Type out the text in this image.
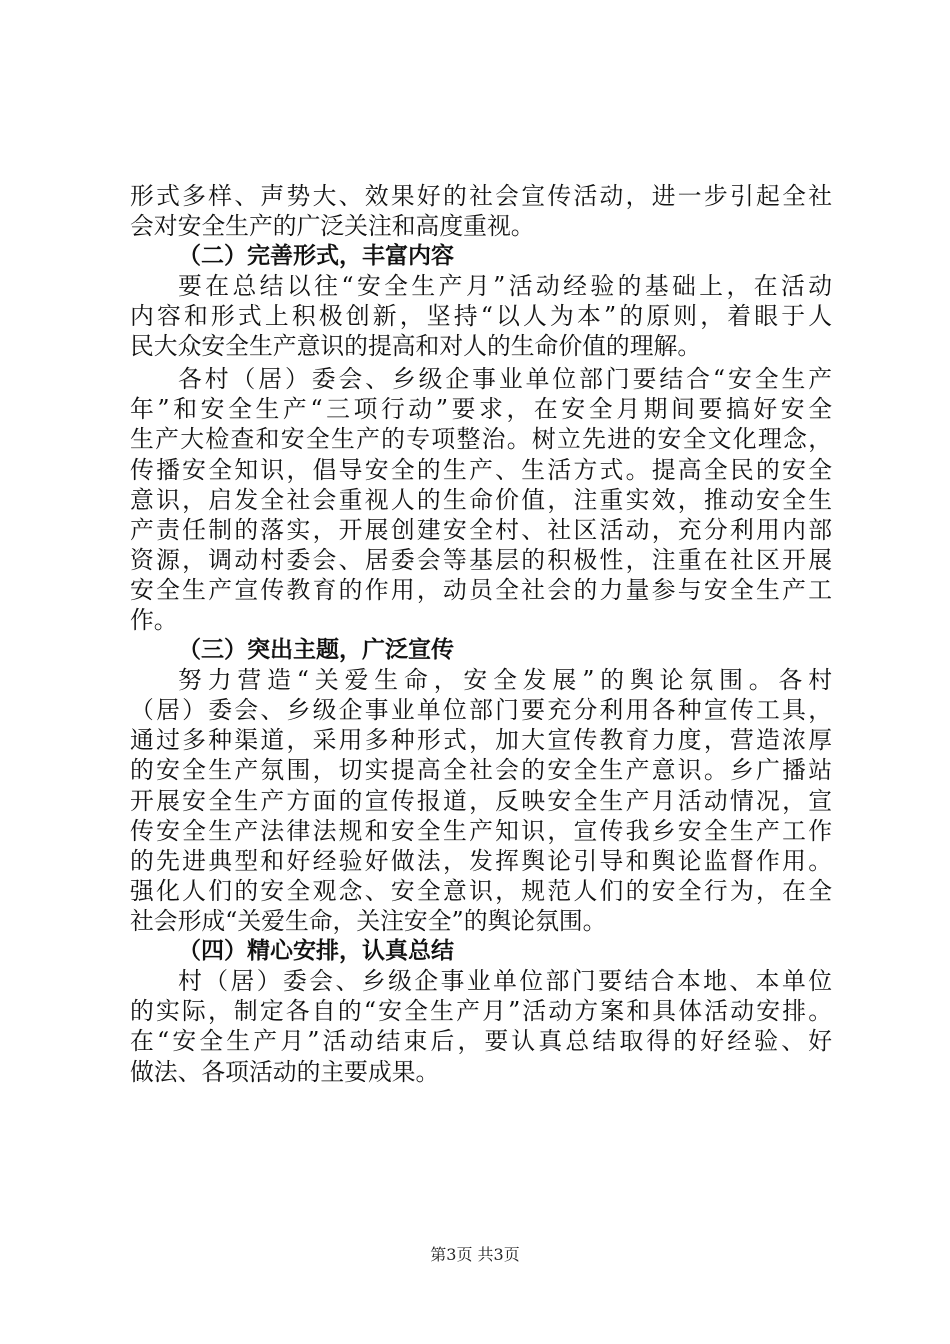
形式多样、声势大、效果好的社会宣传活动，进一步引起全社
会对安全生产的广泛关注和高度重视。
（二）完善形式，丰富内容
要在总结以往“安全生产月”活动经验的基础上，在活动
内容和形式上积极创新，坚持“以人为本”的原则，着眼于人
民大众安全生产意识的提高和对人的生命价值的理解。
各村（居）委会、乡级企事业单位部门要结合“安全生产
年”和安全生产“三项行动”要求，在安全月期间要搞好安全
生产大检查和安全生产的专项整治。树立先进的安全文化理念，
传播安全知识，倡导安全的生产、生活方式。提高全民的安全
意识，启发全社会重视人的生命价值，注重实效，推动安全生
产责任制的落实，开展创建安全村、社区活动，充分利用内部
资源，调动村委会、居委会等基层的积极性，注重在社区开展
安全生产宣传教育的作用，动员全社会的力量参与安全生产工
作。
（三）突出主题，广泛宣传
努力营造“关爱生命，安全发展”的舆论氛围。各村
（居）委会、乡级企事业单位部门要充分利用各种宣传工具，
通过多种渠道，采用多种形式，加大宣传教育力度，营造浓厚
的安全生产氛围，切实提高全社会的安全生产意识。乡广播站
开展安全生产方面的宣传报道，反映安全生产月活动情况，宣
传安全生产法律法规和安全生产知识，宣传我乡安全生产工作
的先进典型和好经验好做法，发挥舆论引导和舆论监督作用。
强化人们的安全观念、安全意识，规范人们的安全行为，在全
社会形成“关爱生命，关注安全”的舆论氛围。
（四）精心安排，认真总结
村（居）委会、乡级企事业单位部门要结合本地、本单位
的实际，制定各自的“安全生产月”活动方案和具体活动安排。
在“安全生产月”活动结束后，要认真总结取得的好经验、好
做法、各项活动的主要成果。
第3页 共3页
